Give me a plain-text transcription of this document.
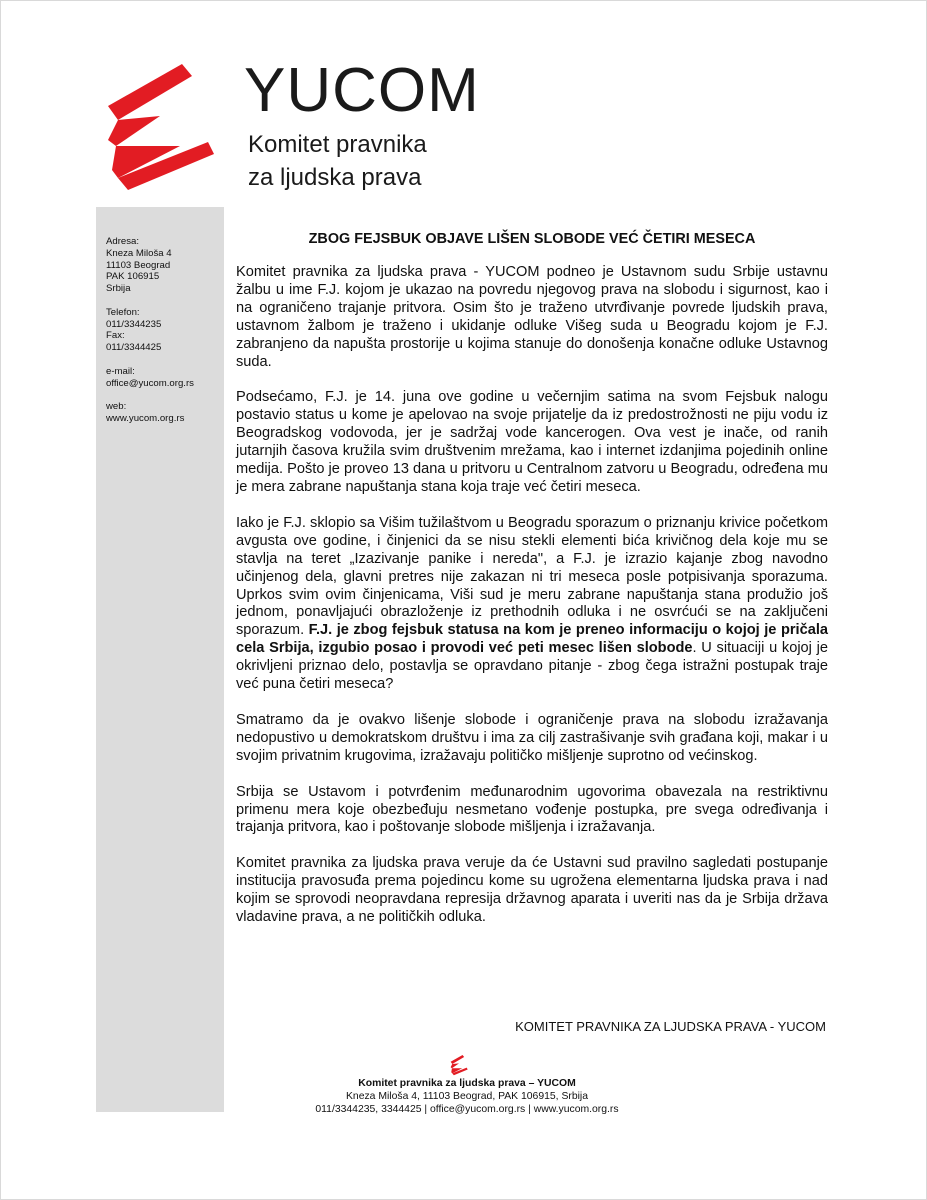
YUCOM
Komitet pravnika
za ljudska prava
Adresa:
Kneza Miloša 4
11103 Beograd
PAK 106915
Srbija
Telefon:
011/3344235
Fax:
011/3344425
e-mail:
office@yucom.org.rs
web:
www.yucom.org.rs
ZBOG FEJSBUK OBJAVE LIŠEN SLOBODE VEĆ ČETIRI MESECA

Komitet pravnika za ljudska prava - YUCOM podneo je Ustavnom sudu Srbije ustavnu žalbu u ime F.J. kojom je ukazao na povredu njegovog prava na slobodu i sigurnost, kao i na ograničeno trajanje pritvora. Osim što je traženo utvrđivanje povrede ljudskih prava, ustavnom žalbom je traženo i ukidanje odluke Višeg suda u Beogradu kojom je F.J. zabranjeno da napušta prostorije u kojima stanuje do donošenja konačne odluke Ustavnog suda.

Podsećamo, F.J. je 14. juna ove godine u večernjim satima na svom Fejsbuk nalogu postavio status u kome je apelovao na svoje prijatelje da iz predostrožnosti ne piju vodu iz Beogradskog vodovoda, jer je sadržaj vode kancerogen. Ova vest je inače, od ranih jutarnjih časova kružila svim društvenim mrežama, kao i internet izdanjima pojedinih online medija. Pošto je proveo 13 dana u pritvoru u Centralnom zatvoru u Beogradu, određena mu je mera zabrane napuštanja stana koja traje već četiri meseca.

Iako je F.J. sklopio sa Višim tužilaštvom u Beogradu sporazum o priznanju krivice početkom avgusta ove godine, i činjenici da se nisu stekli elementi bića krivičnog dela koje mu se stavlja na teret „Izazivanje panike i nereda", a F.J. je izrazio kajanje zbog navodno učinjenog dela, glavni pretres nije zakazan ni tri meseca posle potpisivanja sporazuma. Uprkos svim ovim činjenicama, Viši sud je meru zabrane napuštanja stana produžio još jednom, ponavljajući obrazloženje iz prethodnih odluka i ne osvrćući se na zaključeni sporazum. F.J. je zbog fejsbuk statusa na kom je preneo informaciju o kojoj je pričala cela Srbija, izgubio posao i provodi već peti mesec lišen slobode. U situaciji u kojoj je okrivljeni priznao delo, postavlja se opravdano pitanje - zbog čega istražni postupak traje već puna četiri meseca?

Smatramo da je ovakvo lišenje slobode i ograničenje prava na slobodu izražavanja nedopustivo u demokratskom društvu i ima za cilj zastrašivanje svih građana koji, makar i u svojim privatnim krugovima, izražavaju političko mišljenje suprotno od većinskog.

Srbija se Ustavom i potvrđenim međunarodnim ugovorima obavezala na restriktivnu primenu mera koje obezbeđuju nesmetano vođenje postupka, pre svega određivanja i trajanja pritvora, kao i poštovanje slobode mišljenja i izražavanja.

Komitet pravnika za ljudska prava veruje da će Ustavni sud pravilno sagledati postupanje institucija pravosuđa prema pojedincu kome su ugrožena elementarna ljudska prava i nad kojim se sprovodi neopravdana represija državnog aparata i uveriti nas da je Srbija država vladavine prava, a ne političkih odluka.

KOMITET PRAVNIKA ZA LJUDSKA PRAVA - YUCOM
Komitet pravnika za ljudska prava – YUCOM
Kneza Miloša 4, 11103 Beograd, PAK 106915, Srbija
011/3344235, 3344425 | office@yucom.org.rs | www.yucom.org.rs
